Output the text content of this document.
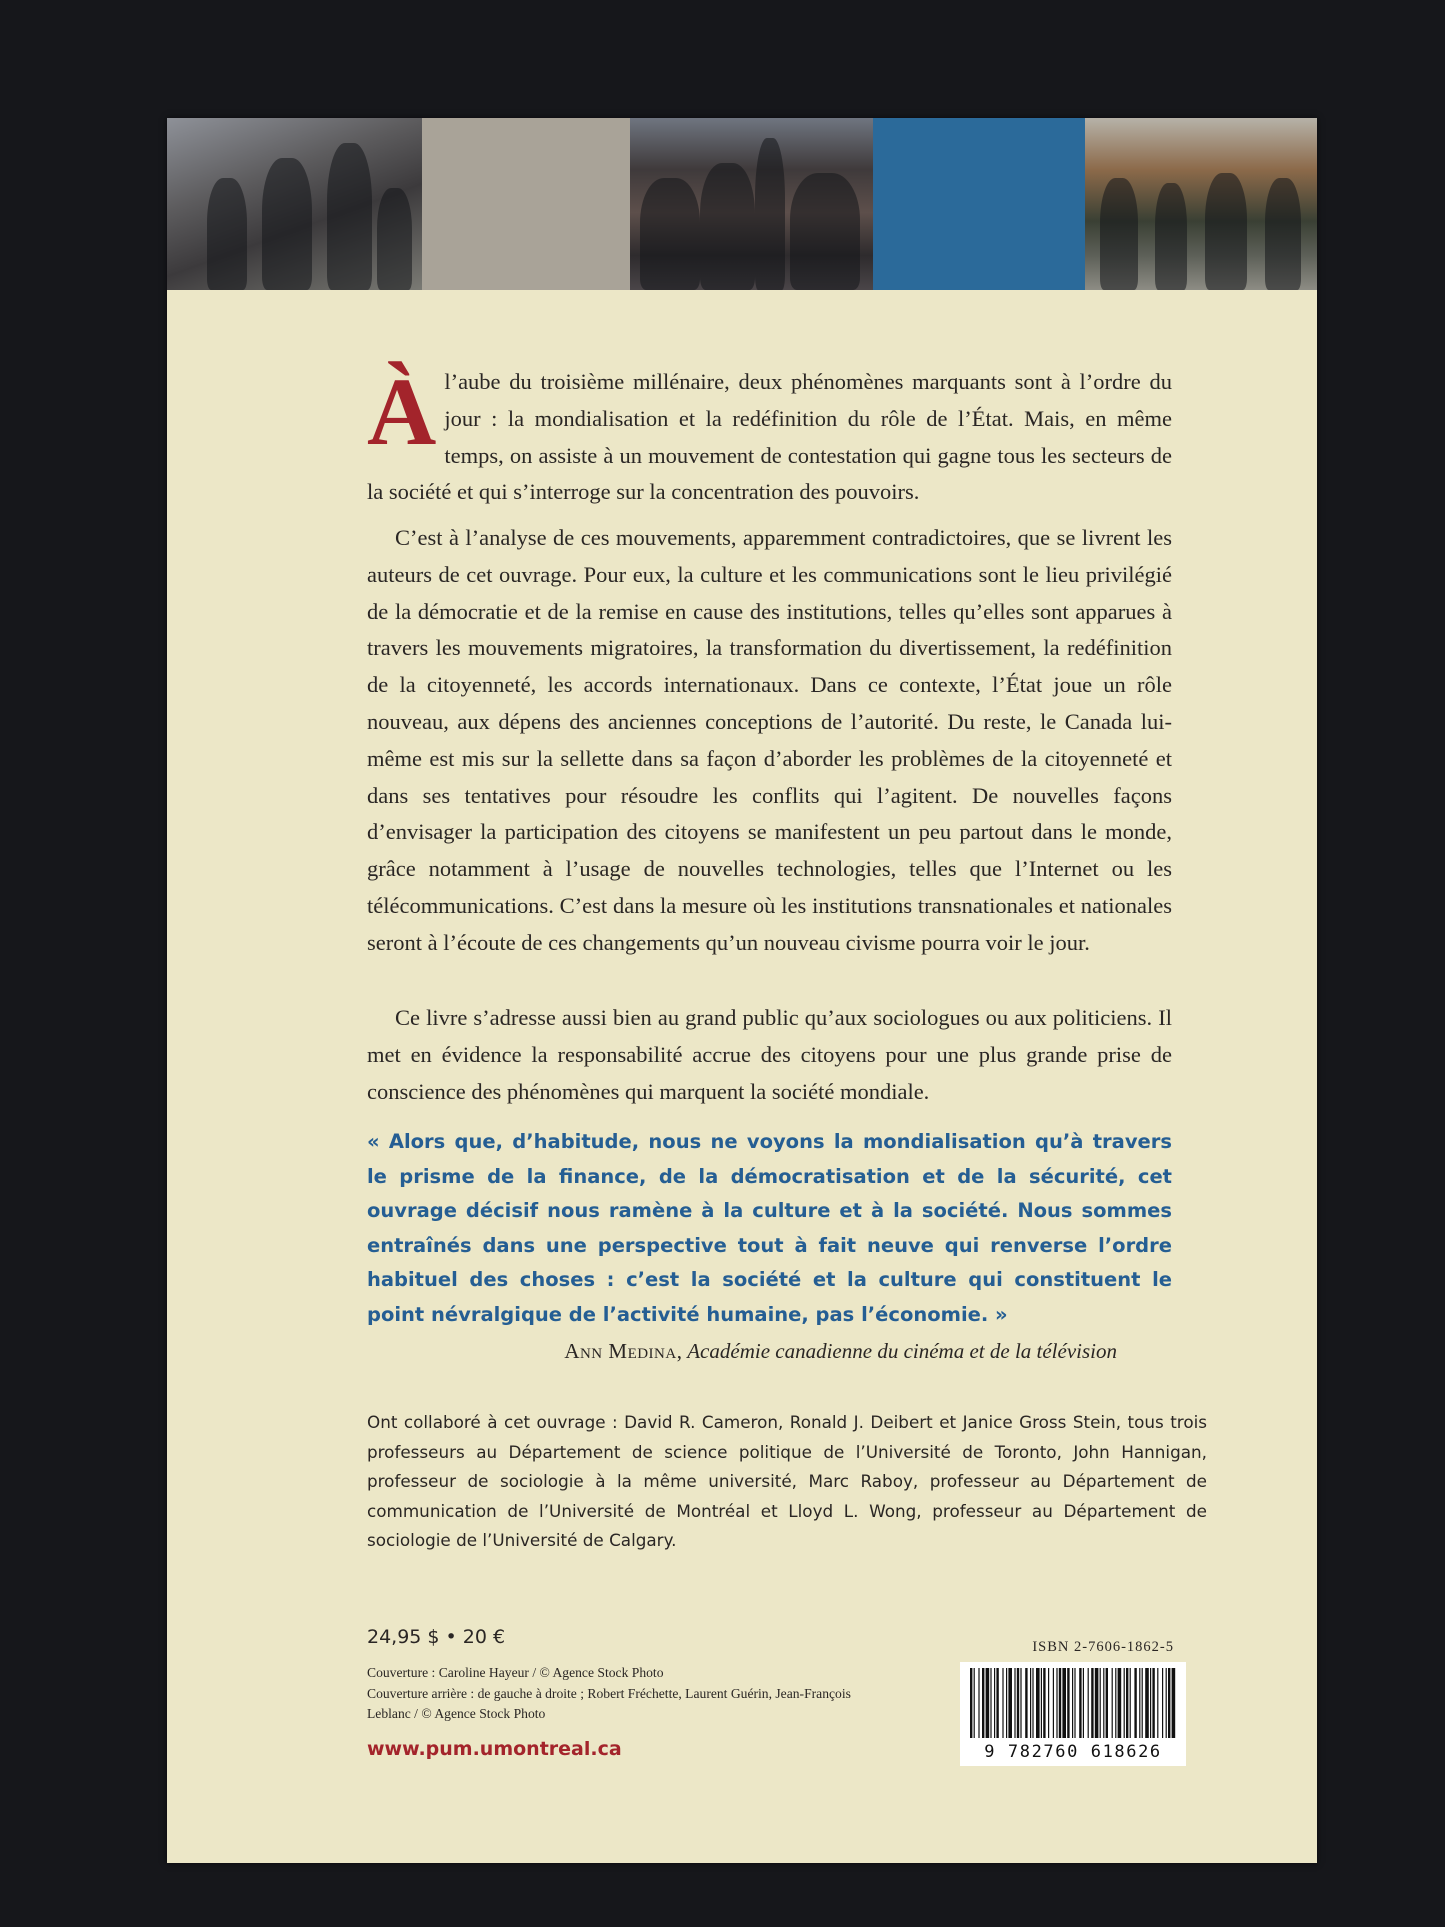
Àl’aube du troisième millénaire, deux phénomènes marquants sont à l’ordre du jour : la mondialisation et la redéfinition du rôle de l’État. Mais, en même temps, on assiste à un mouvement de contestation qui gagne tous les secteurs de la société et qui s’interroge sur la concentration des pouvoirs.
C’est à l’analyse de ces mouvements, apparemment contradictoires, que se livrent les auteurs de cet ouvrage. Pour eux, la culture et les communications sont le lieu privilégié de la démocratie et de la remise en cause des institutions, telles qu’elles sont apparues à travers les mouvements migratoires, la transformation du divertissement, la redéfinition de la citoyenneté, les accords internationaux. Dans ce contexte, l’État joue un rôle nouveau, aux dépens des anciennes conceptions de l’autorité. Du reste, le Canada lui-même est mis sur la sellette dans sa façon d’aborder les problèmes de la citoyenneté et dans ses tentatives pour résoudre les conflits qui l’agitent. De nouvelles façons d’envisager la participation des citoyens se manifestent un peu partout dans le monde, grâce notamment à l’usage de nouvelles technologies, telles que l’Internet ou les télécommunications. C’est dans la mesure où les institutions transnationales et nationales seront à l’écoute de ces changements qu’un nouveau civisme pourra voir le jour.
Ce livre s’adresse aussi bien au grand public qu’aux sociologues ou aux politiciens. Il met en évidence la responsabilité accrue des citoyens pour une plus grande prise de conscience des phénomènes qui marquent la société mondiale.
« Alors que, d’habitude, nous ne voyons la mondialisation qu’à travers le prisme de la finance, de la démocratisation et de la sécurité, cet ouvrage décisif nous ramène à la culture et à la société. Nous sommes entraînés dans une perspective tout à fait neuve qui renverse l’ordre habituel des choses : c’est la société et la culture qui constituent le point névralgique de l’activité humaine, pas l’économie. »
Ann Medina, Académie canadienne du cinéma et de la télévision
Ont collaboré à cet ouvrage : David R. Cameron, Ronald J. Deibert et Janice Gross Stein, tous trois professeurs au Département de science politique de l’Université de Toronto, John Hannigan, professeur de sociologie à la même université, Marc Raboy, professeur au Département de communication de l’Université de Montréal et Lloyd L. Wong, professeur au Département de sociologie de l’Université de Calgary.
24,95 $ • 20 €
Couverture : Caroline Hayeur / © Agence Stock Photo
Couverture arrière : de gauche à droite ; Robert Fréchette, Laurent Guérin, Jean-François Leblanc / © Agence Stock Photo
www.pum.umontreal.ca
ISBN 2-7606-1862-5
9 782760 618626
